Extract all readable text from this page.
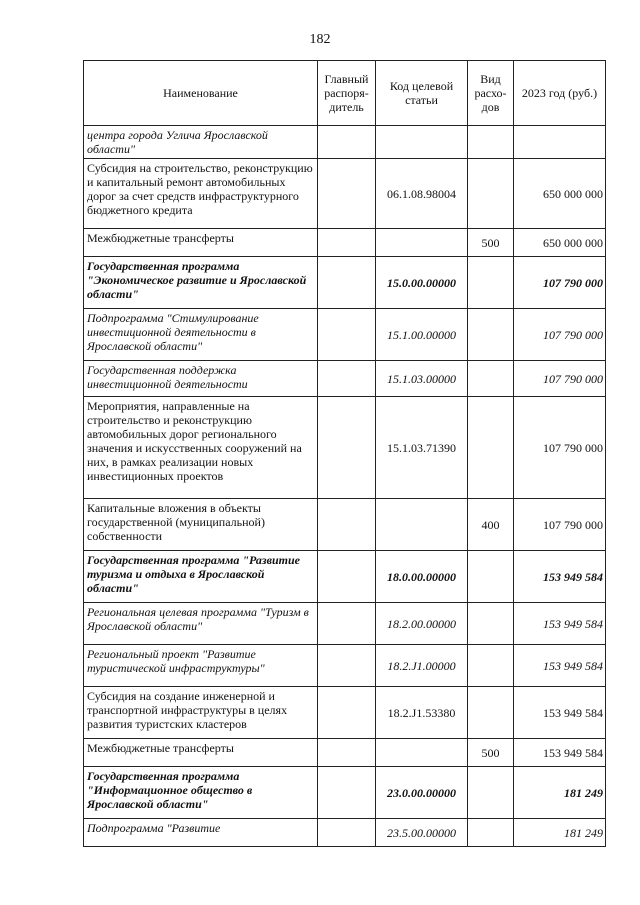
182
Наименование	Главный распоря-дитель	Код целевой статьи	Вид расхо-дов	2023 год (руб.)
центра города Углича Ярославской области"				
Субсидия на строительство, реконструкцию и капитальный ремонт автомобильных дорог за счет средств инфраструктурного бюджетного кредита		06.1.08.98004		650 000 000
Межбюджетные трансферты			500	650 000 000
Государственная программа "Экономическое развитие и Ярославской области"		15.0.00.00000		107 790 000
Подпрограмма "Стимулирование инвестиционной деятельности в Ярославской области"		15.1.00.00000		107 790 000
Государственная поддержка инвестиционной деятельности		15.1.03.00000		107 790 000
Мероприятия, направленные на строительство и реконструкцию автомобильных дорог регионального значения и искусственных сооружений на них, в рамках реализации новых инвестиционных проектов		15.1.03.71390		107 790 000
Капитальные вложения в объекты государственной (муниципальной) собственности			400	107 790 000
Государственная программа "Развитие туризма и отдыха в Ярославской области"		18.0.00.00000		153 949 584
Региональная целевая программа "Туризм в Ярославской области"		18.2.00.00000		153 949 584
Региональный проект "Развитие туристической инфраструктуры"		18.2.J1.00000		153 949 584
Субсидия на создание инженерной и транспортной инфраструктуры в целях развития туристских кластеров		18.2.J1.53380		153 949 584
Межбюджетные трансферты			500	153 949 584
Государственная программа "Информационное общество в Ярославской области"		23.0.00.00000		181 249
Подпрограмма "Развитие		23.5.00.00000		181 249
